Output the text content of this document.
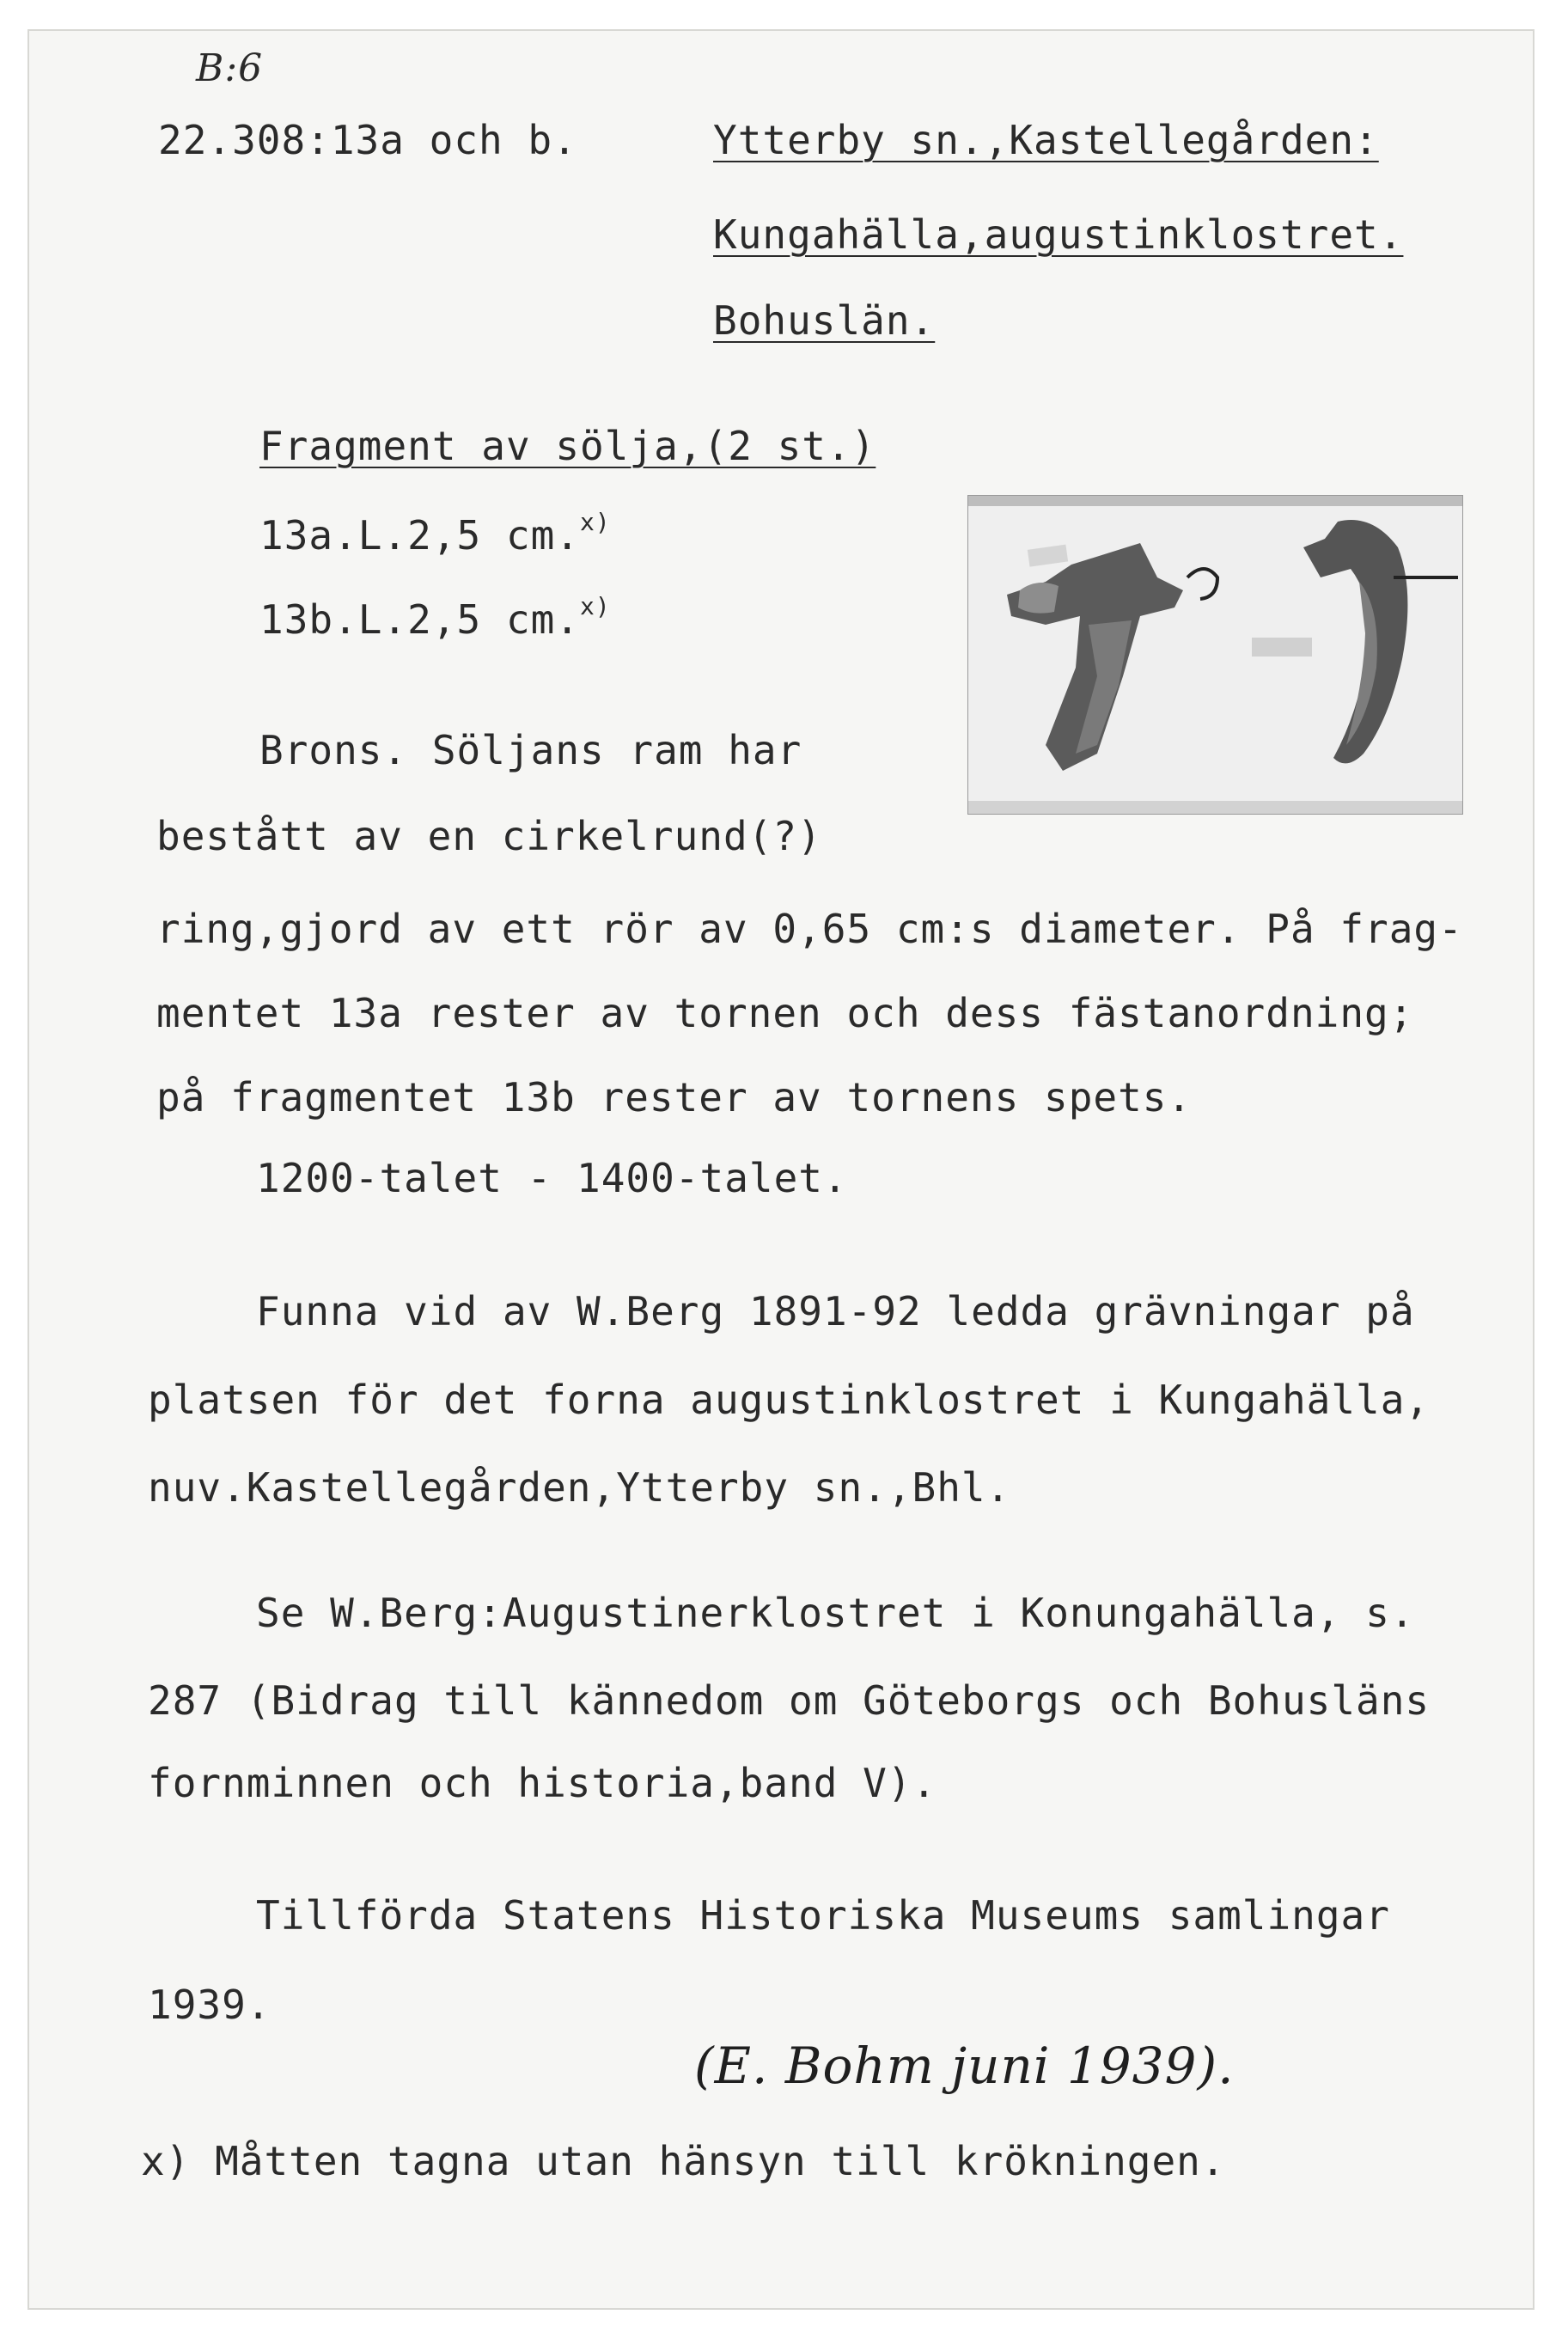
B:6
22.308:13a och b.	Ytterby sn.,Kastellegården:
Kungahälla,augustinklostret.
Bohuslän.
Fragment av sölja,(2 st.)
13a.L.2,5 cm.$^{x)}$
13b.L.2,5 cm.$^{x)}$
Brons. Söljans ram har
bestått av en cirkelrund(?)
ring,gjord av ett rör av 0,65 cm:s diameter. På frag-
mentet 13a rester av tornen och dess fästanordning;
på fragmentet 13b rester av tornens spets.
1200-talet - 1400-talet.
Funna vid av W.Berg 1891-92 ledda grävningar på
platsen för det forna augustinklostret i Kungahälla,
nuv.Kastellegården,Ytterby sn.,Bhl.
Se W.Berg:Augustinerklostret i Konungahälla, s.
287 (Bidrag till kännedom om Göteborgs och Bohusläns
fornminnen och historia,band V).
Tillförda Statens Historiska Museums samlingar
1939.
(E. Bohm juni 1939).
x) Måtten tagna utan hänsyn till krökningen.
